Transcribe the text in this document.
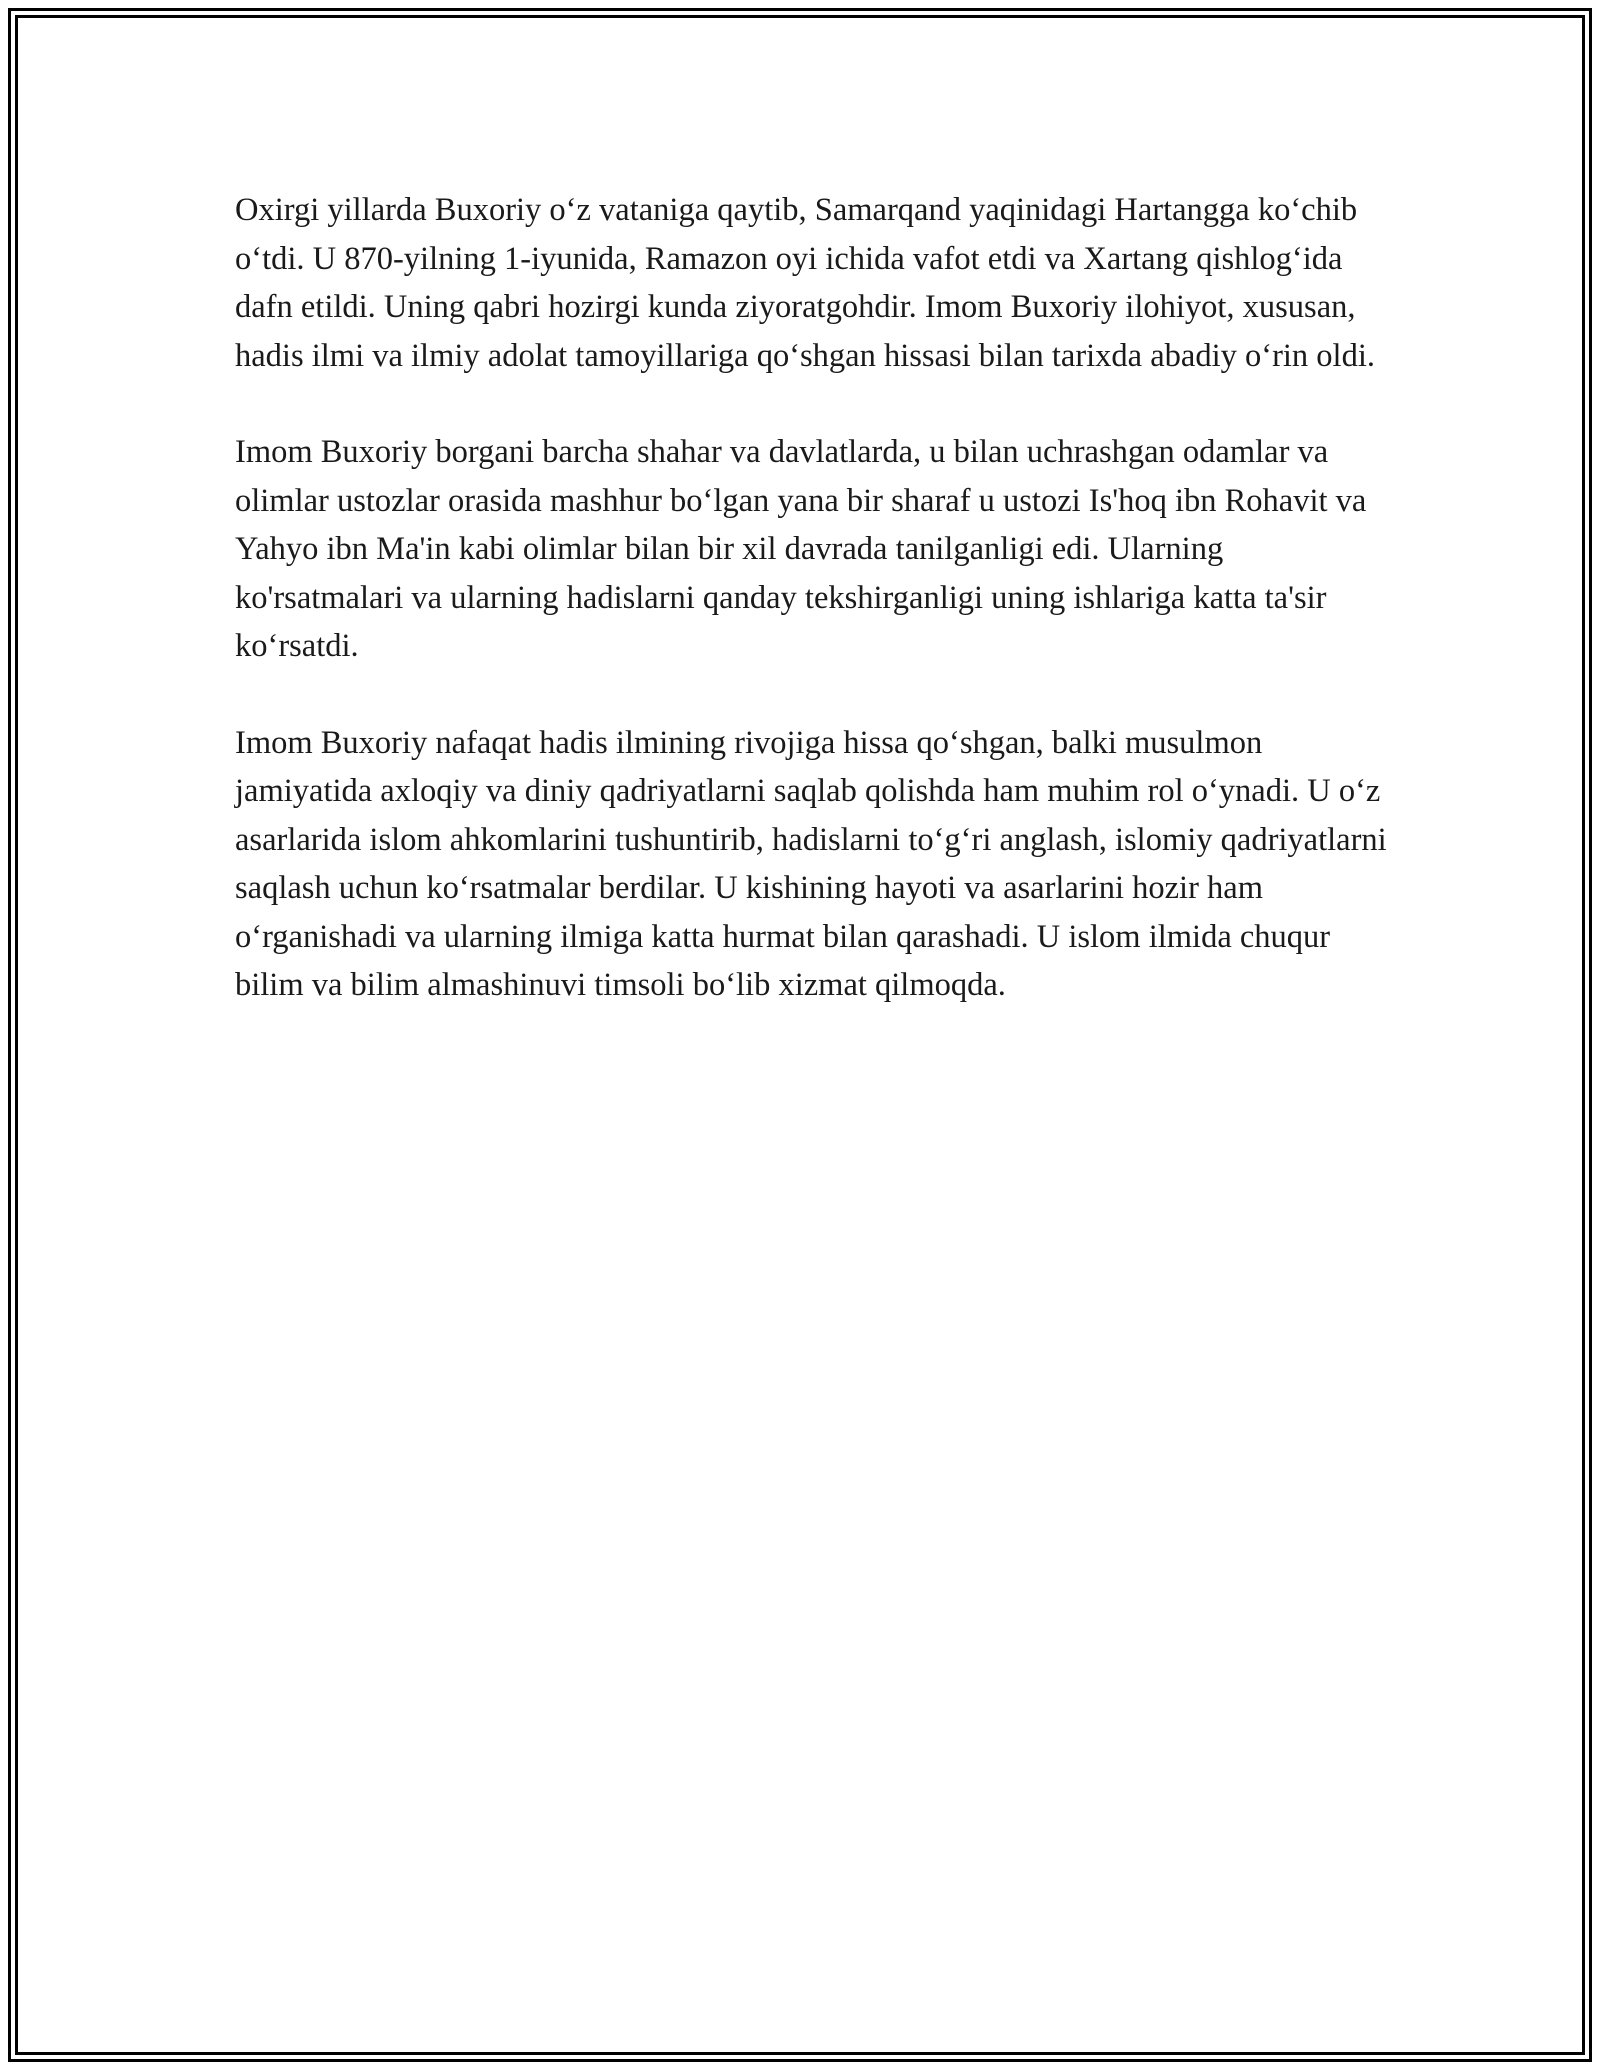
Oxirgi yillarda Buxoriy o‘z vataniga qaytib, Samarqand yaqinidagi Hartangga ko‘chib o‘tdi. U 870-yilning 1-iyunida, Ramazon oyi ichida vafot etdi va Xartang qishlog‘ida dafn etildi. Uning qabri hozirgi kunda ziyoratgohdir. Imom Buxoriy ilohiyot, xususan, hadis ilmi va ilmiy adolat tamoyillariga qo‘shgan hissasi bilan tarixda abadiy o‘rin oldi.

Imom Buxoriy borgani barcha shahar va davlatlarda, u bilan uchrashgan odamlar va olimlar ustozlar orasida mashhur bo‘lgan yana bir sharaf u ustozi Is'hoq ibn Rohavit va Yahyo ibn Ma'in kabi olimlar bilan bir xil davrada tanilganligi edi. Ularning ko'rsatmalari va ularning hadislarni qanday tekshirganligi uning ishlariga katta ta'sir ko‘rsatdi.

Imom Buxoriy nafaqat hadis ilmining rivojiga hissa qo‘shgan, balki musulmon jamiyatida axloqiy va diniy qadriyatlarni saqlab qolishda ham muhim rol o‘ynadi. U o‘z asarlarida islom ahkomlarini tushuntirib, hadislarni to‘g‘ri anglash, islomiy qadriyatlarni saqlash uchun ko‘rsatmalar berdilar. U kishining hayoti va asarlarini hozir ham o‘rganishadi va ularning ilmiga katta hurmat bilan qarashadi. U islom ilmida chuqur bilim va bilim almashinuvi timsoli bo‘lib xizmat qilmoqda.
